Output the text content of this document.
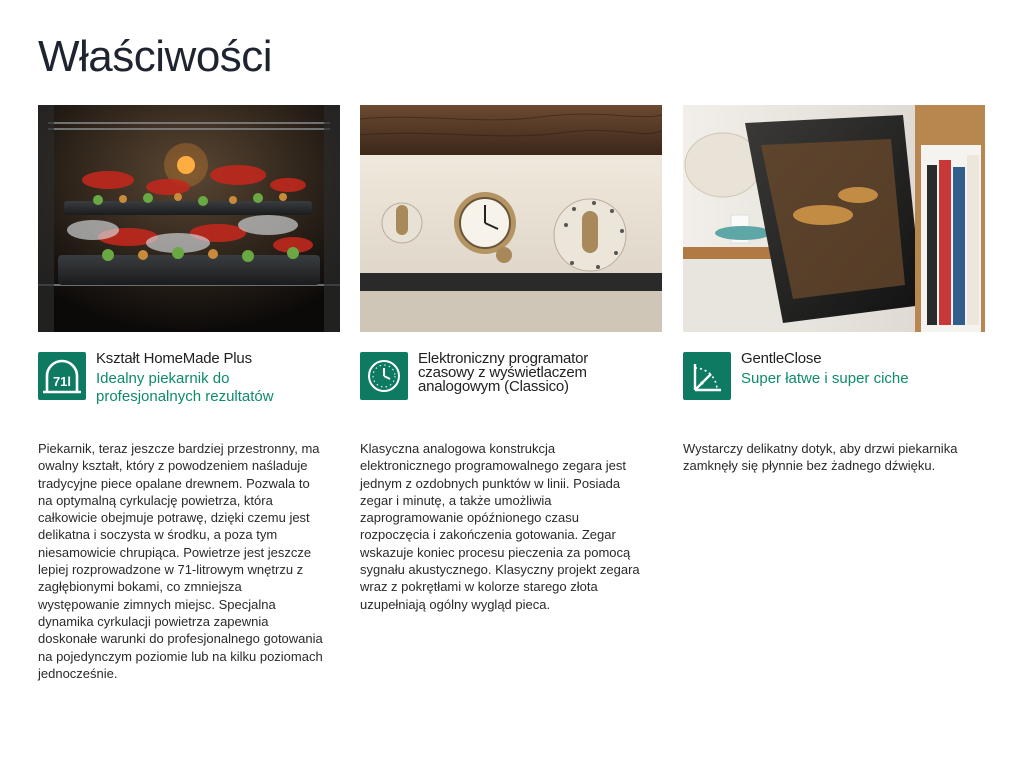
Właściwości
71l
Kształt HomeMade Plus
Idealny piekarnik do
profesjonalnych rezultatów

Piekarnik, teraz jeszcze bardziej przestronny, ma
owalny kształt, który z powodzeniem naśladuje
tradycyjne piece opalane drewnem. Pozwala to
na optymalną cyrkulację powietrza, która
całkowicie obejmuje potrawę, dzięki czemu jest
delikatna i soczysta w środku, a poza tym
niesamowicie chrupiąca. Powietrze jest jeszcze
lepiej rozprowadzone w 71-litrowym wnętrzu z
zagłębionymi bokami, co zmniejsza
występowanie zimnych miejsc. Specjalna
dynamika cyrkulacji powietrza zapewnia
doskonałe warunki do profesjonalnego gotowania
na pojedynczym poziomie lub na kilku poziomach
jednocześnie.

Elektroniczny programator
czasowy z wyświetlaczem
analogowym (Classico)

Klasyczna analogowa konstrukcja
elektronicznego programowalnego zegara jest
jednym z ozdobnych punktów w linii. Posiada
zegar i minutę, a także umożliwia
zaprogramowanie opóźnionego czasu
rozpoczęcia i zakończenia gotowania. Zegar
wskazuje koniec procesu pieczenia za pomocą
sygnału akustycznego. Klasyczny projekt zegara
wraz z pokrętłami w kolorze starego złota
uzupełniają ogólny wygląd pieca.

GentleClose
Super łatwe i super ciche

Wystarczy delikatny dotyk, aby drzwi piekarnika
zamknęły się płynnie bez żadnego dźwięku.
